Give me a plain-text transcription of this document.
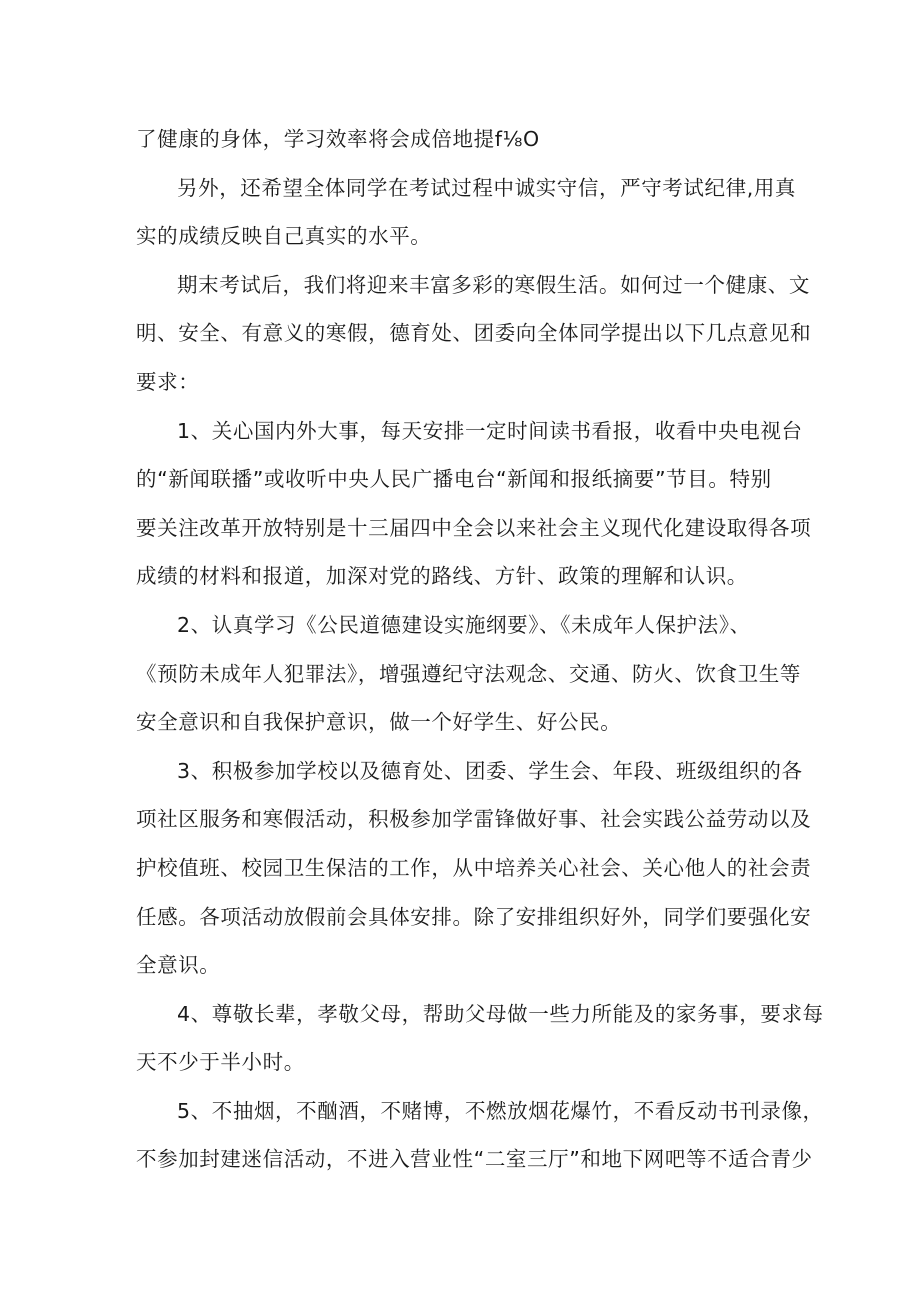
了健康的身体，学习效率将会成倍地提f⅛O
另外，还希望全体同学在考试过程中诚实守信，严守考试纪律,用真
实的成绩反映自己真实的水平。
期末考试后，我们将迎来丰富多彩的寒假生活。如何过一个健康、文
明、安全、有意义的寒假，德育处、团委向全体同学提出以下几点意见和
要求：
1、关心国内外大事，每天安排一定时间读书看报，收看中央电视台
的“新闻联播”或收听中央人民广播电台“新闻和报纸摘要”节目。特别
要关注改革开放特别是十三届四中全会以来社会主义现代化建设取得各项
成绩的材料和报道，加深对党的路线、方针、政策的理解和认识。
2、认真学习《公民道德建设实施纲要》、《未成年人保护法》、
《预防未成年人犯罪法》，增强遵纪守法观念、交通、防火、饮食卫生等
安全意识和自我保护意识，做一个好学生、好公民。
3、积极参加学校以及德育处、团委、学生会、年段、班级组织的各
项社区服务和寒假活动，积极参加学雷锋做好事、社会实践公益劳动以及
护校值班、校园卫生保洁的工作，从中培养关心社会、关心他人的社会责
任感。各项活动放假前会具体安排。除了安排组织好外，同学们要强化安
全意识。
4、尊敬长辈，孝敬父母，帮助父母做一些力所能及的家务事，要求每
天不少于半小时。
5、不抽烟，不酗酒，不赌博，不燃放烟花爆竹，不看反动书刊录像，
不参加封建迷信活动，不进入营业性“二室三厅”和地下网吧等不适合青少
